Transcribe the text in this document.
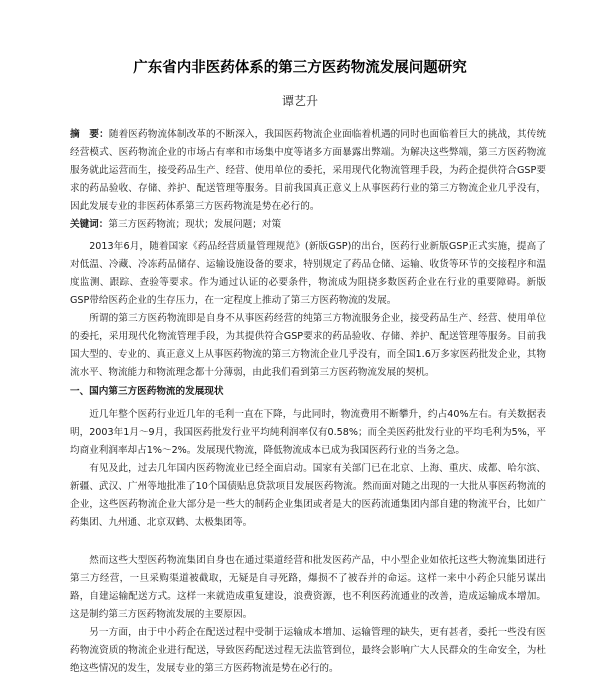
广东省内非医药体系的第三方医药物流发展问题研究
谭艺升
摘　要：随着医药物流体制改革的不断深入，我国医药物流企业面临着机遇的同时也面临着巨大的挑战，其传统经营模式、医药物流企业的市场占有率和市场集中度等诸多方面暴露出弊端。为解决这些弊端，第三方医药物流服务就此运营而生，接受药品生产、经营、使用单位的委托，采用现代化物流管理手段，为药企提供符合GSP要求的药品验收、存储、养护、配送管理等服务。目前我国真正意义上从事医药行业的第三方物流企业几乎没有，因此发展专业的非医药体系第三方医药物流是势在必行的。
关键词：第三方医药物流；现状；发展问题；对策
2013年6月，随着国家《药品经营质量管理规范》(新版GSP)的出台，医药行业新版GSP正式实施，提高了对低温、冷藏、冷冻药品储存、运输设施设备的要求，特别规定了药品仓储、运输、收货等环节的交接程序和温度监测、跟踪、查验等要求。作为通过认证的必要条件，物流成为阻挠多数医药企业在行业的重要障碍。新版GSP带给医药企业的生存压力，在一定程度上推动了第三方医药物流的发展。
所谓的第三方医药物流即是自身不从事医药经营的纯第三方物流服务企业，接受药品生产、经营、使用单位的委托，采用现代化物流管理手段，为其提供符合GSP要求的药品验收、存储、养护、配送管理等服务。目前我国大型的、专业的、真正意义上从事医药物流的第三方物流企业几乎没有，而全国1.6万多家医药批发企业，其物流水平、物流能力和物流理念都十分薄弱，由此我们看到第三方医药物流发展的契机。
一、国内第三方医药物流的发展现状
近几年整个医药行业近几年的毛利一直在下降，与此同时，物流费用不断攀升，约占40%左右。有关数据表明，2003年1月～9月，我国医药批发行业平均純利润率仅有0.58%；而全美医药批发行业的平均毛利为5%，平均商业利润率却占1%～2%。发展现代物流，降低物流成本已成为我国医药行业的当务之急。
有见及此，过去几年国内医药物流业已经全面启动。国家有关部门已在北京、上海、重庆、成都、哈尔滨、新疆、武汉、广州等地批准了10个国债贴息贷款项目发展医药物流。然而面对随之出现的一大批从事医药物流的企业，这些医药物流企业大部分是一些大的制药企业集团或者是大的医药流通集团内部自建的物流平台，比如广药集团、九州通、北京双鹤、太极集团等。
然而这些大型医药物流集团自身也在通过渠道经营和批发医药产品，中小型企业如依托这些大物流集团进行第三方经营，一旦采购渠道被截取，无疑是自寻死路，爆损不了被吞并的命运。这样一来中小药企只能另谋出路，自建运输配送方式。这样一来就造成重复建设，浪费资源，也不利医药流通业的改善，造成运输成本增加。这是制约第三方医药物流发展的主要原因。
另一方面，由于中小药企在配送过程中受制于运输成本增加、运输管理的缺失，更有甚者，委托一些没有医药物流资质的物流企业进行配送，导致医药配送过程无法监管到位，最终会影响广大人民群众的生命安全，为杜绝这些情况的发生，发展专业的第三方医药物流是势在必行的。
